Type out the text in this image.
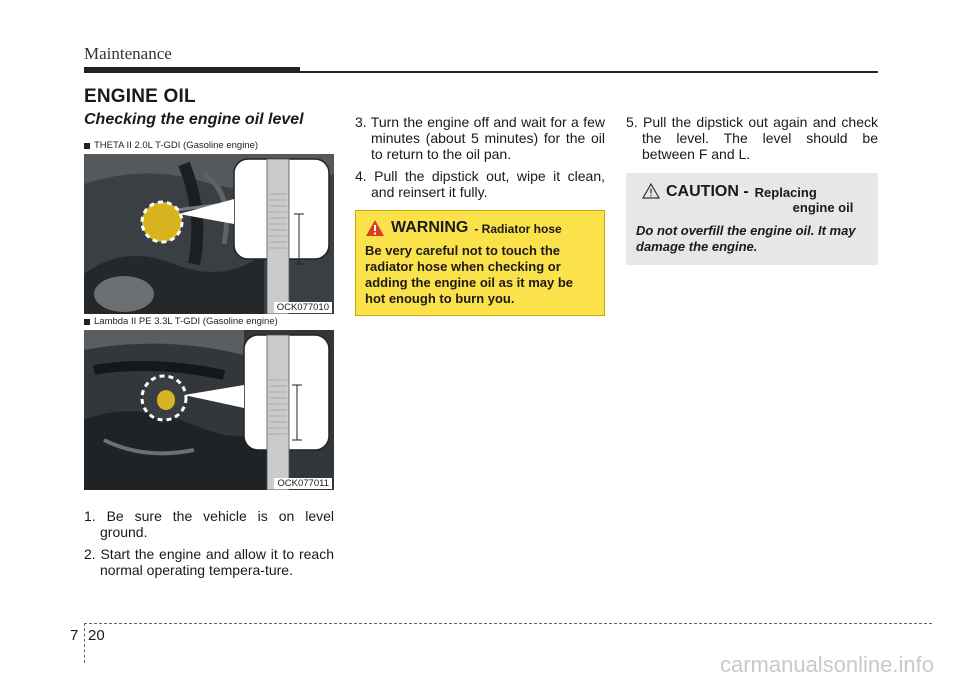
Maintenance
ENGINE OIL
Checking the engine oil level
THETA II 2.0L T-GDI (Gasoline engine)
OCK077010
Lambda II PE 3.3L T-GDI (Gasoline engine)
OCK077011

1. Be sure the vehicle is on level ground.

2. Start the engine and allow it to reach normal operating tempera-ture.

3. Turn the engine off and wait for a few minutes (about 5 minutes) for the oil to return to the oil pan.

4. Pull the dipstick out, wipe it clean, and reinsert it fully.

WARNING - Radiator hose
Be very careful not to touch the radiator hose when checking or adding the engine oil as it may be hot enough to burn you.

5. Pull the dipstick out again and check the level. The level should be between F and L.

CAUTION - Replacing
engine oil
Do not overfill the engine oil. It may damage the engine.
7 20
carmanualsonline.info
